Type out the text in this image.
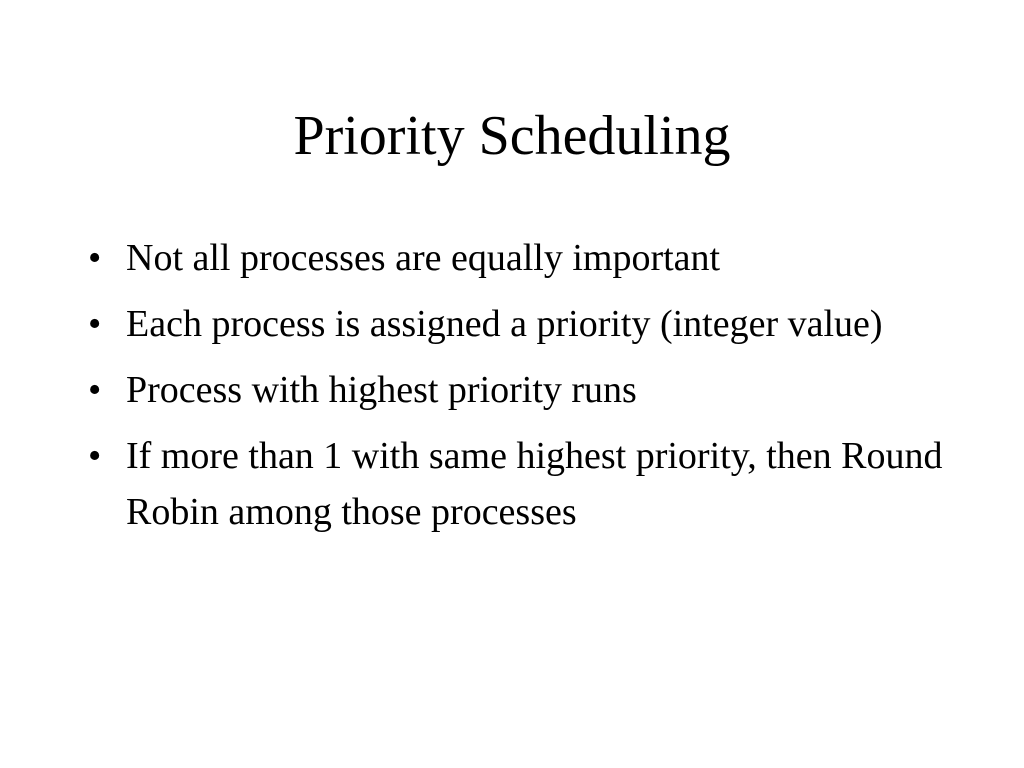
Priority Scheduling
• Not all processes are equally important
• Each process is assigned a priority (integer value)
• Process with highest priority runs
• If more than 1 with same highest priority, then Round Robin among those processes
